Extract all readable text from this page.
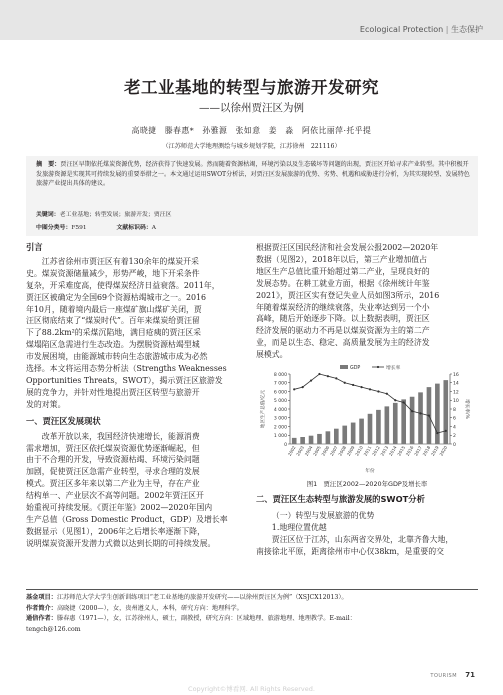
Ecological Protection | 生态保护
老工业基地的转型与旅游开发研究
——以徐州贾汪区为例
高晓捷　滕春惠*　孙雅源　张如意　姜　淼　阿依比丽萍·托乎提
（江苏师范大学地理测绘与城乡规划学院，江苏徐州　221116）
摘　要：贾汪区早期依托煤炭资源优势，经济获得了快速发展。然而随着资源枯竭，环境污染以及生态破坏等问题的出现，贾汪区开始寻求产业转型。其中积极开发旅游资源是实现其可持续发展的重要举措之一。本文通过运用SWOT分析法，对贾汪区发展旅游的优势、劣势、机遇和威胁进行分析，为其实现转型、发展特色旅游产业提出具体的建议。
关键词：老工业基地；转型发展；旅游开发；贾汪区
中图分类号：F591	文献标识码：A
引言
江苏省徐州市贾汪区有着130余年的煤炭开采
史。煤炭资源储量减少，形势严峻，地下开采条件
复杂，开采难度高，使得煤炭经济日益衰落。2011年，
贾汪区被确定为全国69个资源枯竭城市之一。2016
年10月，随着境内最后一座煤矿旗山煤矿关闭，贾
汪区彻底结束了“煤炭时代”。百年来煤炭给贾汪留
下了88.2km²的采煤沉陷地，满目疮痍的贾汪区采
煤塌陷区急需进行生态改造。为摆脱资源枯竭型城
市发展困境，由能源城市转向生态旅游城市成为必然
选择。本文将运用态势分析法（Strengths Weaknesses
Opportunities Threats，SWOT），揭示贾汪区旅游发
展的竞争力，并针对性地提出贾汪区转型与旅游开
发的对策。
一、贾汪区发展现状
改革开放以来，我国经济快速增长，能源消费
需求增加，贾汪区依托煤炭资源优势逐渐崛起，但
由于不合理的开发，导致资源枯竭、环境污染问题
加剧，促使贾汪区急需产业转型，寻求合理的发展
模式。贾汪区多年来以第二产业为主导，存在产业
结构单一、产业层次不高等问题。2002年贾汪区开
始重视可持续发展。《贾汪年鉴》2002—2020年国内
生产总值（Gross Domestic Product，GDP）及增长率
数据显示（见图1），2006年之后增长率逐渐下降，
说明煤炭资源开发潜力式微以达到长期的可持续发展。
根据贾汪区国民经济和社会发展公报2002—2020年
数据（见图2），2018年以后，第三产业增加值占
地区生产总值比重开始超过第二产业，呈现良好的
发展态势。在耕工就业方面，根据《徐州统计年鉴
2021》，贾汪区实有登记失业人员如图3所示，2016
年随着煤炭经济的继续衰落，失业率达到另一个小
高峰，随后开始逐步下降。以上数据表明，贾汪区
经济发展的驱动力不再是以煤炭资源为主的第二产
业，而是以生态、稳定、高质量发展为主的经济发
展模式。
0
1 000
2 000
3 000
4 000
5 000
6 000
7 000
8 000
0
2
4
6
8
10
12
14
16
地区生产总值/亿元	增长率/%
2002
2003
2004
2005
2006
2007
2008
2009
2010
2011
2012
2013
2014
2015
2016
2017
2018
2019
2020
年份
GDP	增长率
图1　贾汪区2002—2020年GDP及增长率
二、贾汪区生态转型与旅游发展的SWOT分析
（一）转型与发展旅游的优势
1.地理位置优越
贾汪区位于江苏，山东两省交界处，北靠齐鲁大地，
南接徐北平原，距离徐州市中心仅38km，是重要的交
基金项目：江苏师范大学大学生创新训练项目“老工业基地的旅游开发研究——以徐州贾汪区为例”（XSJCX12013）。
作者简介：高晓捷（2000—），女，贵州遵义人，本科，研究方向：地理科学。
通信作者：滕春惠（1971—），女，江苏徐州人，硕士，副教授，研究方向：区域地理、旅游地理、地理教学。E-mail：
tengch@126.com
TOURISM 71
Copyright©博看网. All Rights Reserved.
